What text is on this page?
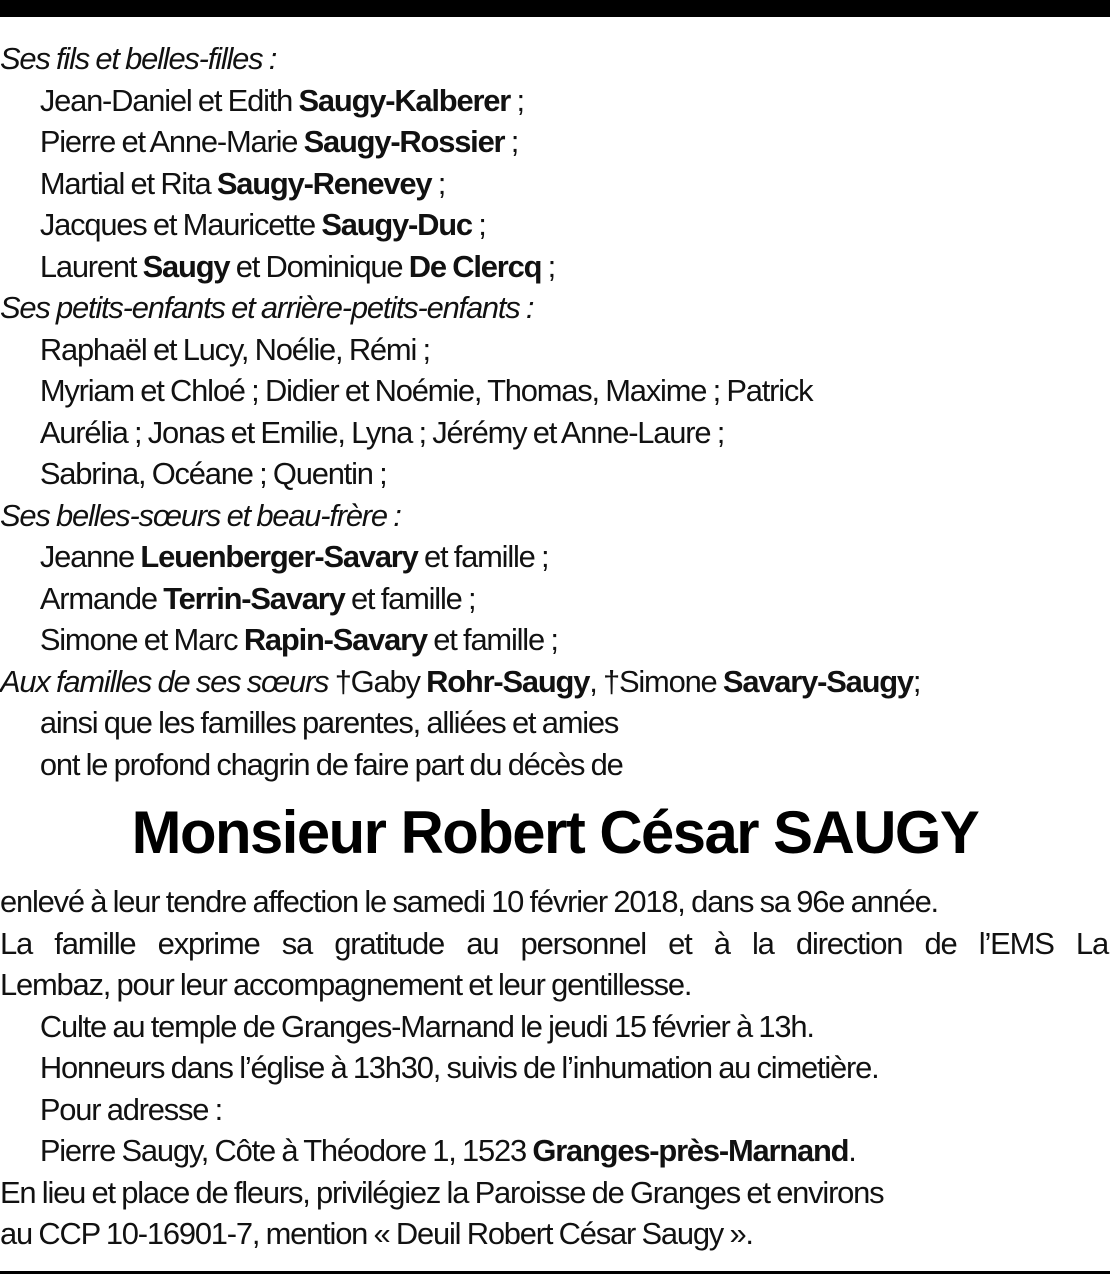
Ses fils et belles-filles :
Jean-Daniel et Edith Saugy-Kalberer ;
Pierre et Anne-Marie Saugy-Rossier ;
Martial et Rita Saugy-Renevey ;
Jacques et Mauricette Saugy-Duc ;
Laurent Saugy et Dominique De Clercq ;
Ses petits-enfants et arrière-petits-enfants :
Raphaël et Lucy, Noélie, Rémi ;
Myriam et Chloé ; Didier et Noémie, Thomas, Maxime ; Patrick
Aurélia ; Jonas et Emilie, Lyna ; Jérémy et Anne-Laure ;
Sabrina, Océane ; Quentin ;
Ses belles-sœurs et beau-frère :
Jeanne Leuenberger-Savary et famille ;
Armande Terrin-Savary et famille ;
Simone et Marc Rapin-Savary et famille ;
Aux familles de ses sœurs †Gaby Rohr-Saugy, †Simone Savary-Saugy;
ainsi que les familles parentes, alliées et amies
ont le profond chagrin de faire part du décès de
Monsieur Robert César SAUGY
enlevé à leur tendre affection le samedi 10 février 2018, dans sa 96e année.
La famille exprime sa gratitude au personnel et à la direction de l’EMS La
Lembaz, pour leur accompagnement et leur gentillesse.
Culte au temple de Granges-Marnand le jeudi 15 février à 13h.
Honneurs dans l’église à 13h30, suivis de l’inhumation au cimetière.
Pour adresse :
Pierre Saugy, Côte à Théodore 1, 1523 Granges-près-Marnand.
En lieu et place de fleurs, privilégiez la Paroisse de Granges et environs
au CCP 10-16901-7, mention « Deuil Robert César Saugy ».
